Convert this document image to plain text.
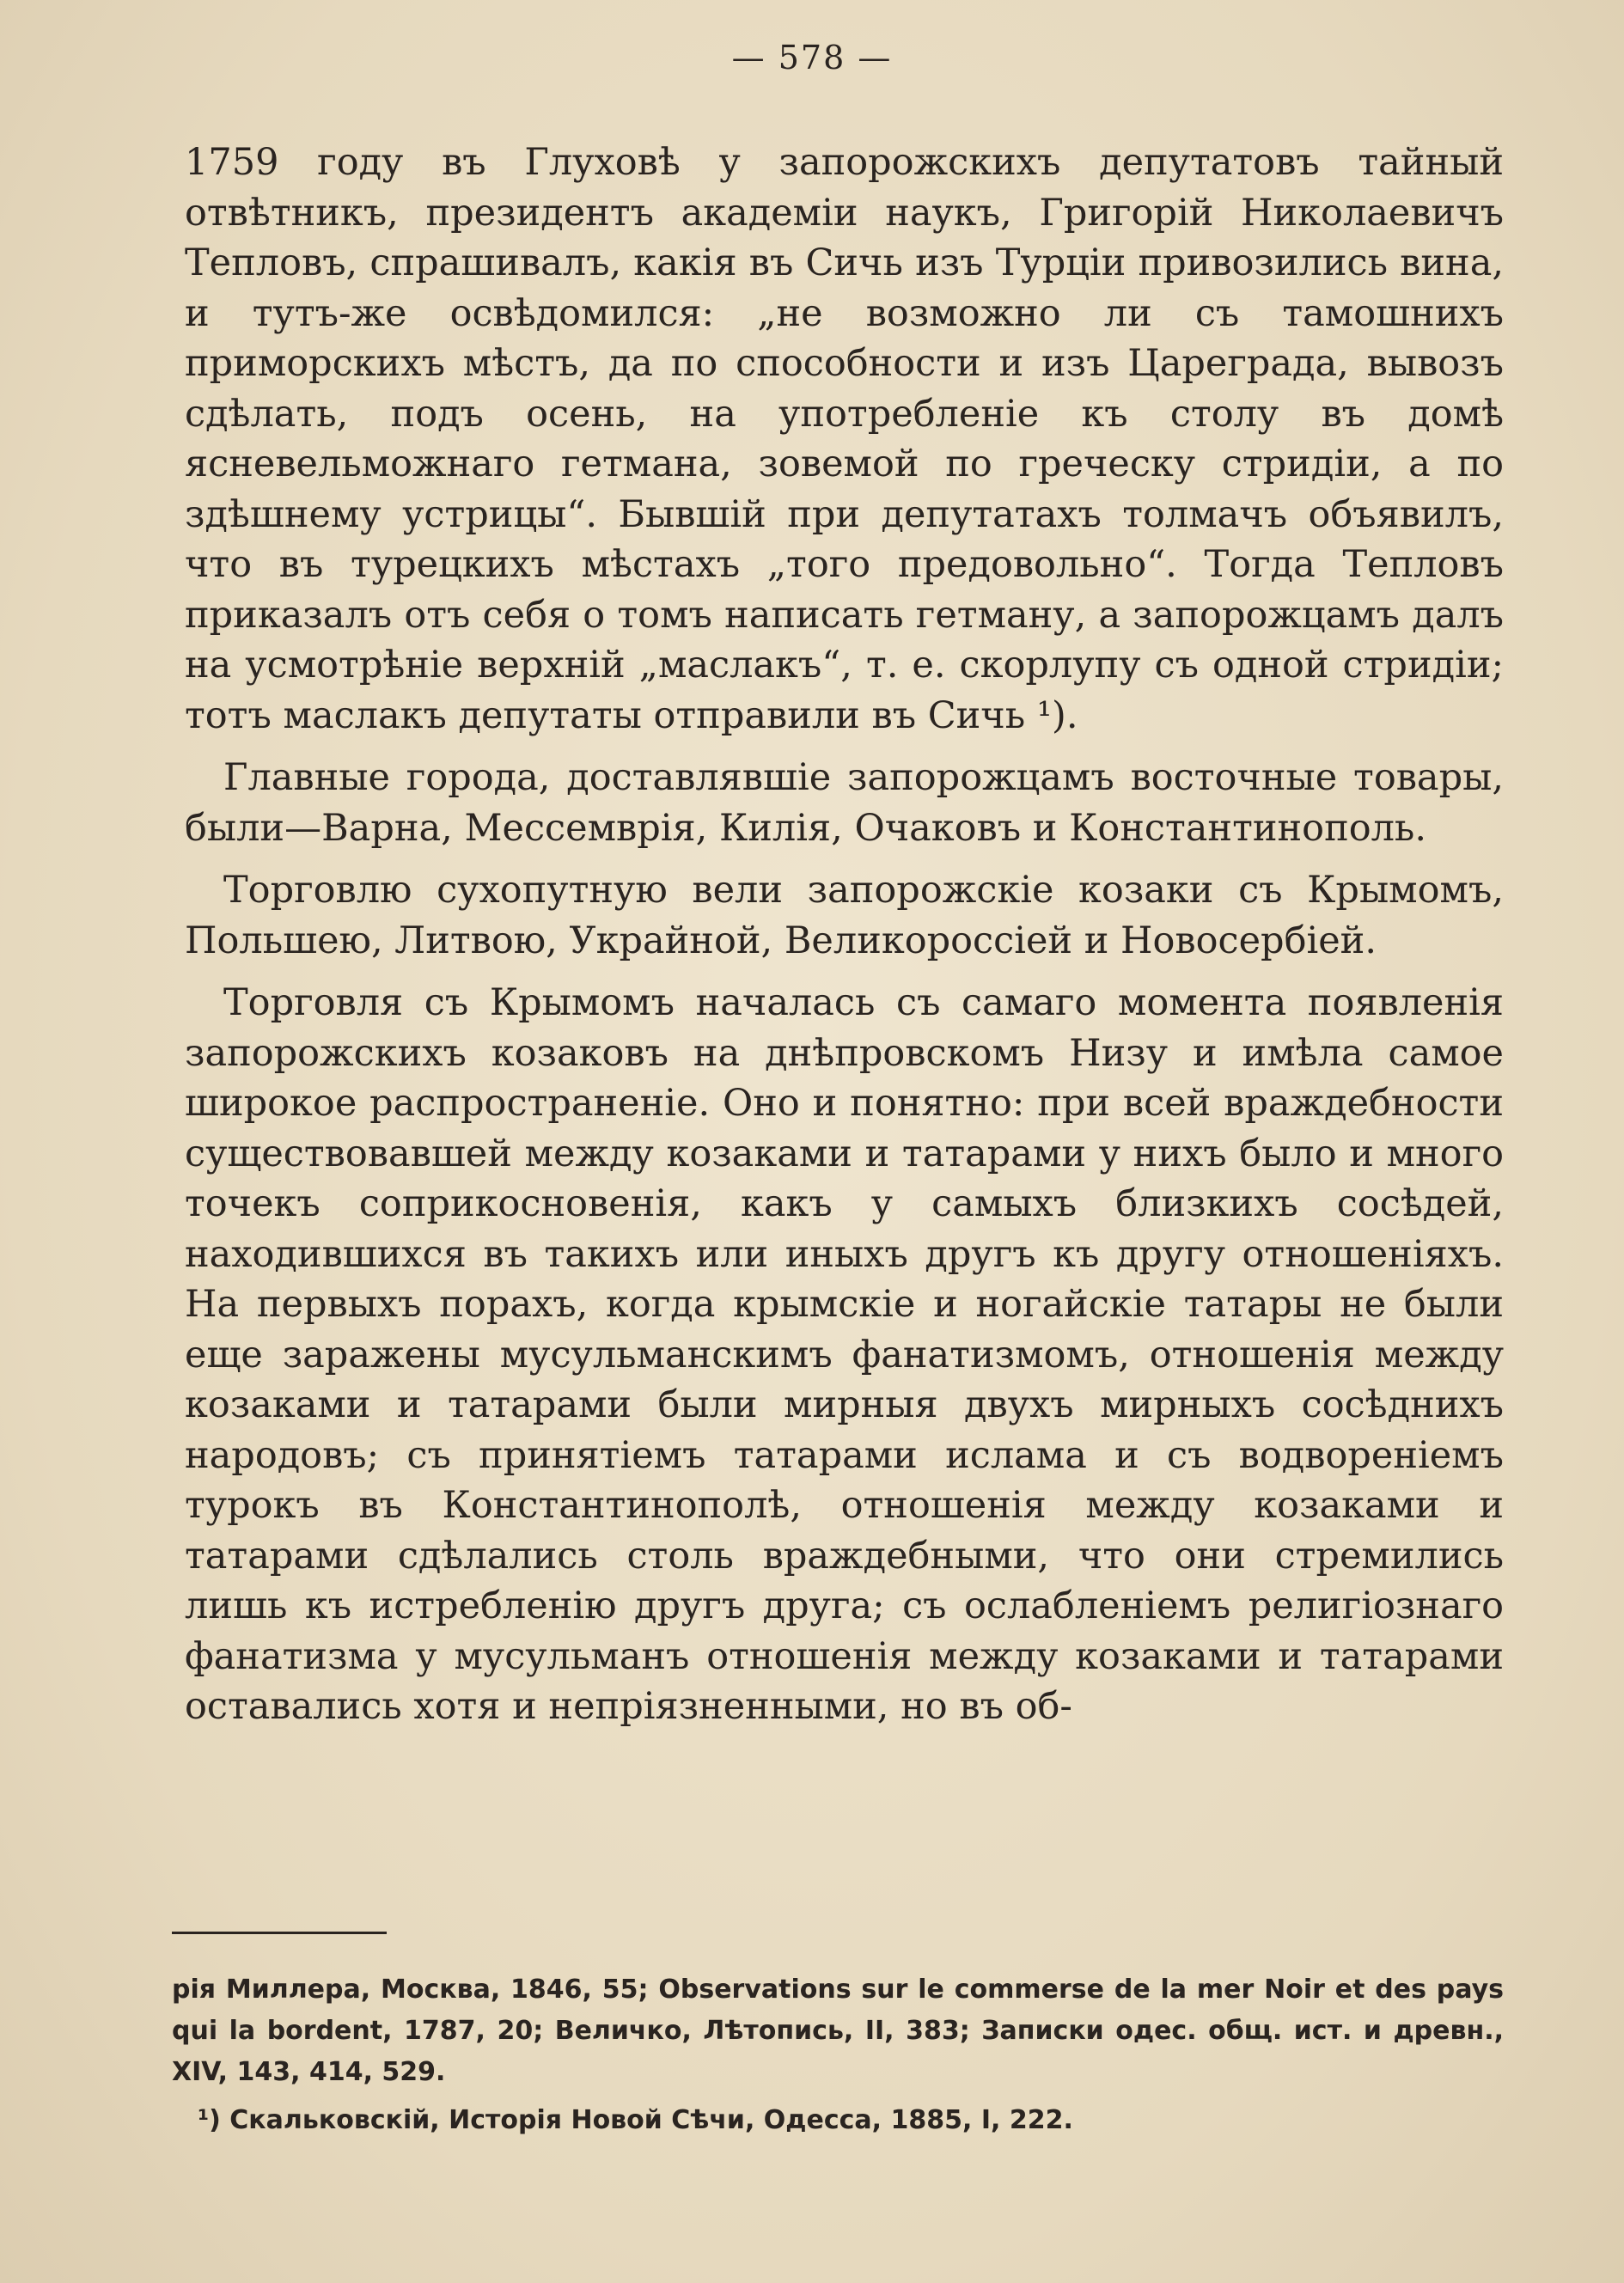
— 578 —

1759 году въ Глуховѣ у запорожскихъ депутатовъ тайный отвѣтникъ, президентъ академіи наукъ, Григорій Николаевичъ Тепловъ, спрашивалъ, какія въ Сичь изъ Турціи привозились вина, и тутъ-же освѣдомился: „не возможно ли съ тамошнихъ приморскихъ мѣстъ, да по способности и изъ Цареграда, вывозъ сдѣлать, подъ осень, на употребленіе къ столу въ домѣ ясневельможнаго гетмана, зовемой по греческу стридіи, а по здѣшнему устрицы“. Бывшій при депутатахъ толмачъ объявилъ, что въ турецкихъ мѣстахъ „того предовольно“. Тогда Тепловъ приказалъ отъ себя о томъ написать гетману, а запорожцамъ далъ на усмотрѣніе верхній „маслакъ“, т. е. скорлупу съ одной стридіи; тотъ маслакъ депутаты отправили въ Сичь ¹).

Главные города, доставлявшіе запорожцамъ восточные товары, были—Варна, Мессемврія, Килія, Очаковъ и Константинополь.

Торговлю сухопутную вели запорожскіе козаки съ Крымомъ, Польшею, Литвою, Украйной, Великороссіей и Новосербіей.

Торговля съ Крымомъ началась съ самаго момента появленія запорожскихъ козаковъ на днѣпровскомъ Низу и имѣла самое широкое распространеніе. Оно и понятно: при всей враждебности существовавшей между козаками и татарами у нихъ было и много точекъ соприкосновенія, какъ у самыхъ близкихъ сосѣдей, находившихся въ такихъ или иныхъ другъ къ другу отношеніяхъ. На первыхъ порахъ, когда крымскіе и ногайскіе татары не были еще заражены мусульманскимъ фанатизмомъ, отношенія между козаками и татарами были мирныя двухъ мирныхъ сосѣднихъ народовъ; съ принятіемъ татарами ислама и съ водвореніемъ турокъ въ Константинополѣ, отношенія между козаками и татарами сдѣлались столь враждебными, что они стремились лишь къ истребленію другъ друга; съ ослабленіемъ религіознаго фанатизма у мусульманъ отношенія между козаками и татарами оставались хотя и непріязненными, но въ об-

рія Миллера, Москва, 1846, 55; Observations sur le commerse de la mer Noir et des pays qui la bordent, 1787, 20; Величко, Лѣтопись, II, 383; Записки одес. общ. ист. и древн., XIV, 143, 414, 529.

¹) Скальковскій, Исторія Новой Сѣчи, Одесса, 1885, I, 222.
